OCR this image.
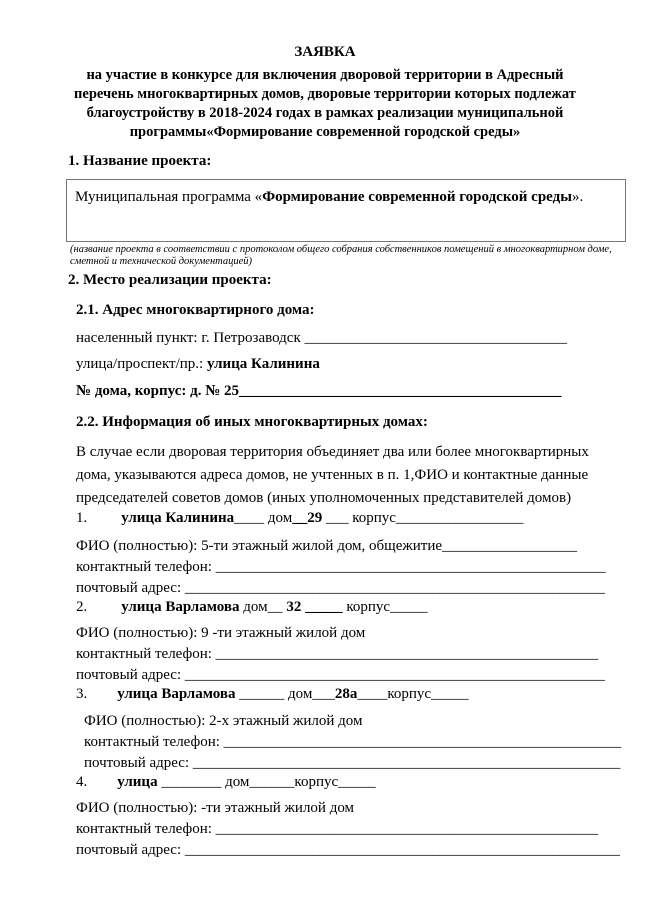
ЗАЯВКА
на участие в конкурсе для включения дворовой территории в Адресный
перечень многоквартирных домов, дворовые территории которых подлежат
благоустройству в 2018-2024 годах в рамках реализации муниципальной
программы«Формирование современной городской среды»
1. Название проекта:
Муниципальная программа «Формирование современной городской среды».
(название проекта в соответствии с протоколом общего собрания собственников помещений в многоквартирном доме, сметной и технической документацией)
2. Место реализации проекта:
2.1. Адрес многоквартирного дома:
населенный пункт: г. Петрозаводск ___________________________________
улица/проспект/пр.: улица Калинина
№ дома, корпус: д. № 25___________________________________________
2.2. Информация об иных многоквартирных домах:
В случае если дворовая территория объединяет два или более многоквартирных
дома, указываются адреса домов, не учтенных в п. 1,ФИО и контактные данные
председателей советов домов (иных уполномоченных представителей домов)
1. улица Калинина____ дом__29 ___ корпус_________________
ФИО (полностью): 5-ти этажный жилой дом, общежитие__________________
контактный телефон: ____________________________________________________
почтовый адрес: ________________________________________________________
2. улица Варламова дом__ 32 _____ корпус_____
ФИО (полностью): 9 -ти этажный жилой дом
контактный телефон: ___________________________________________________
почтовый адрес: ________________________________________________________
3. улица Варламова ______ дом___28а____корпус_____
ФИО (полностью): 2-х этажный жилой дом
контактный телефон: _____________________________________________________
почтовый адрес: _________________________________________________________
4. улица ________ дом______корпус_____
ФИО (полностью): -ти этажный жилой дом
контактный телефон: ___________________________________________________
почтовый адрес: __________________________________________________________
